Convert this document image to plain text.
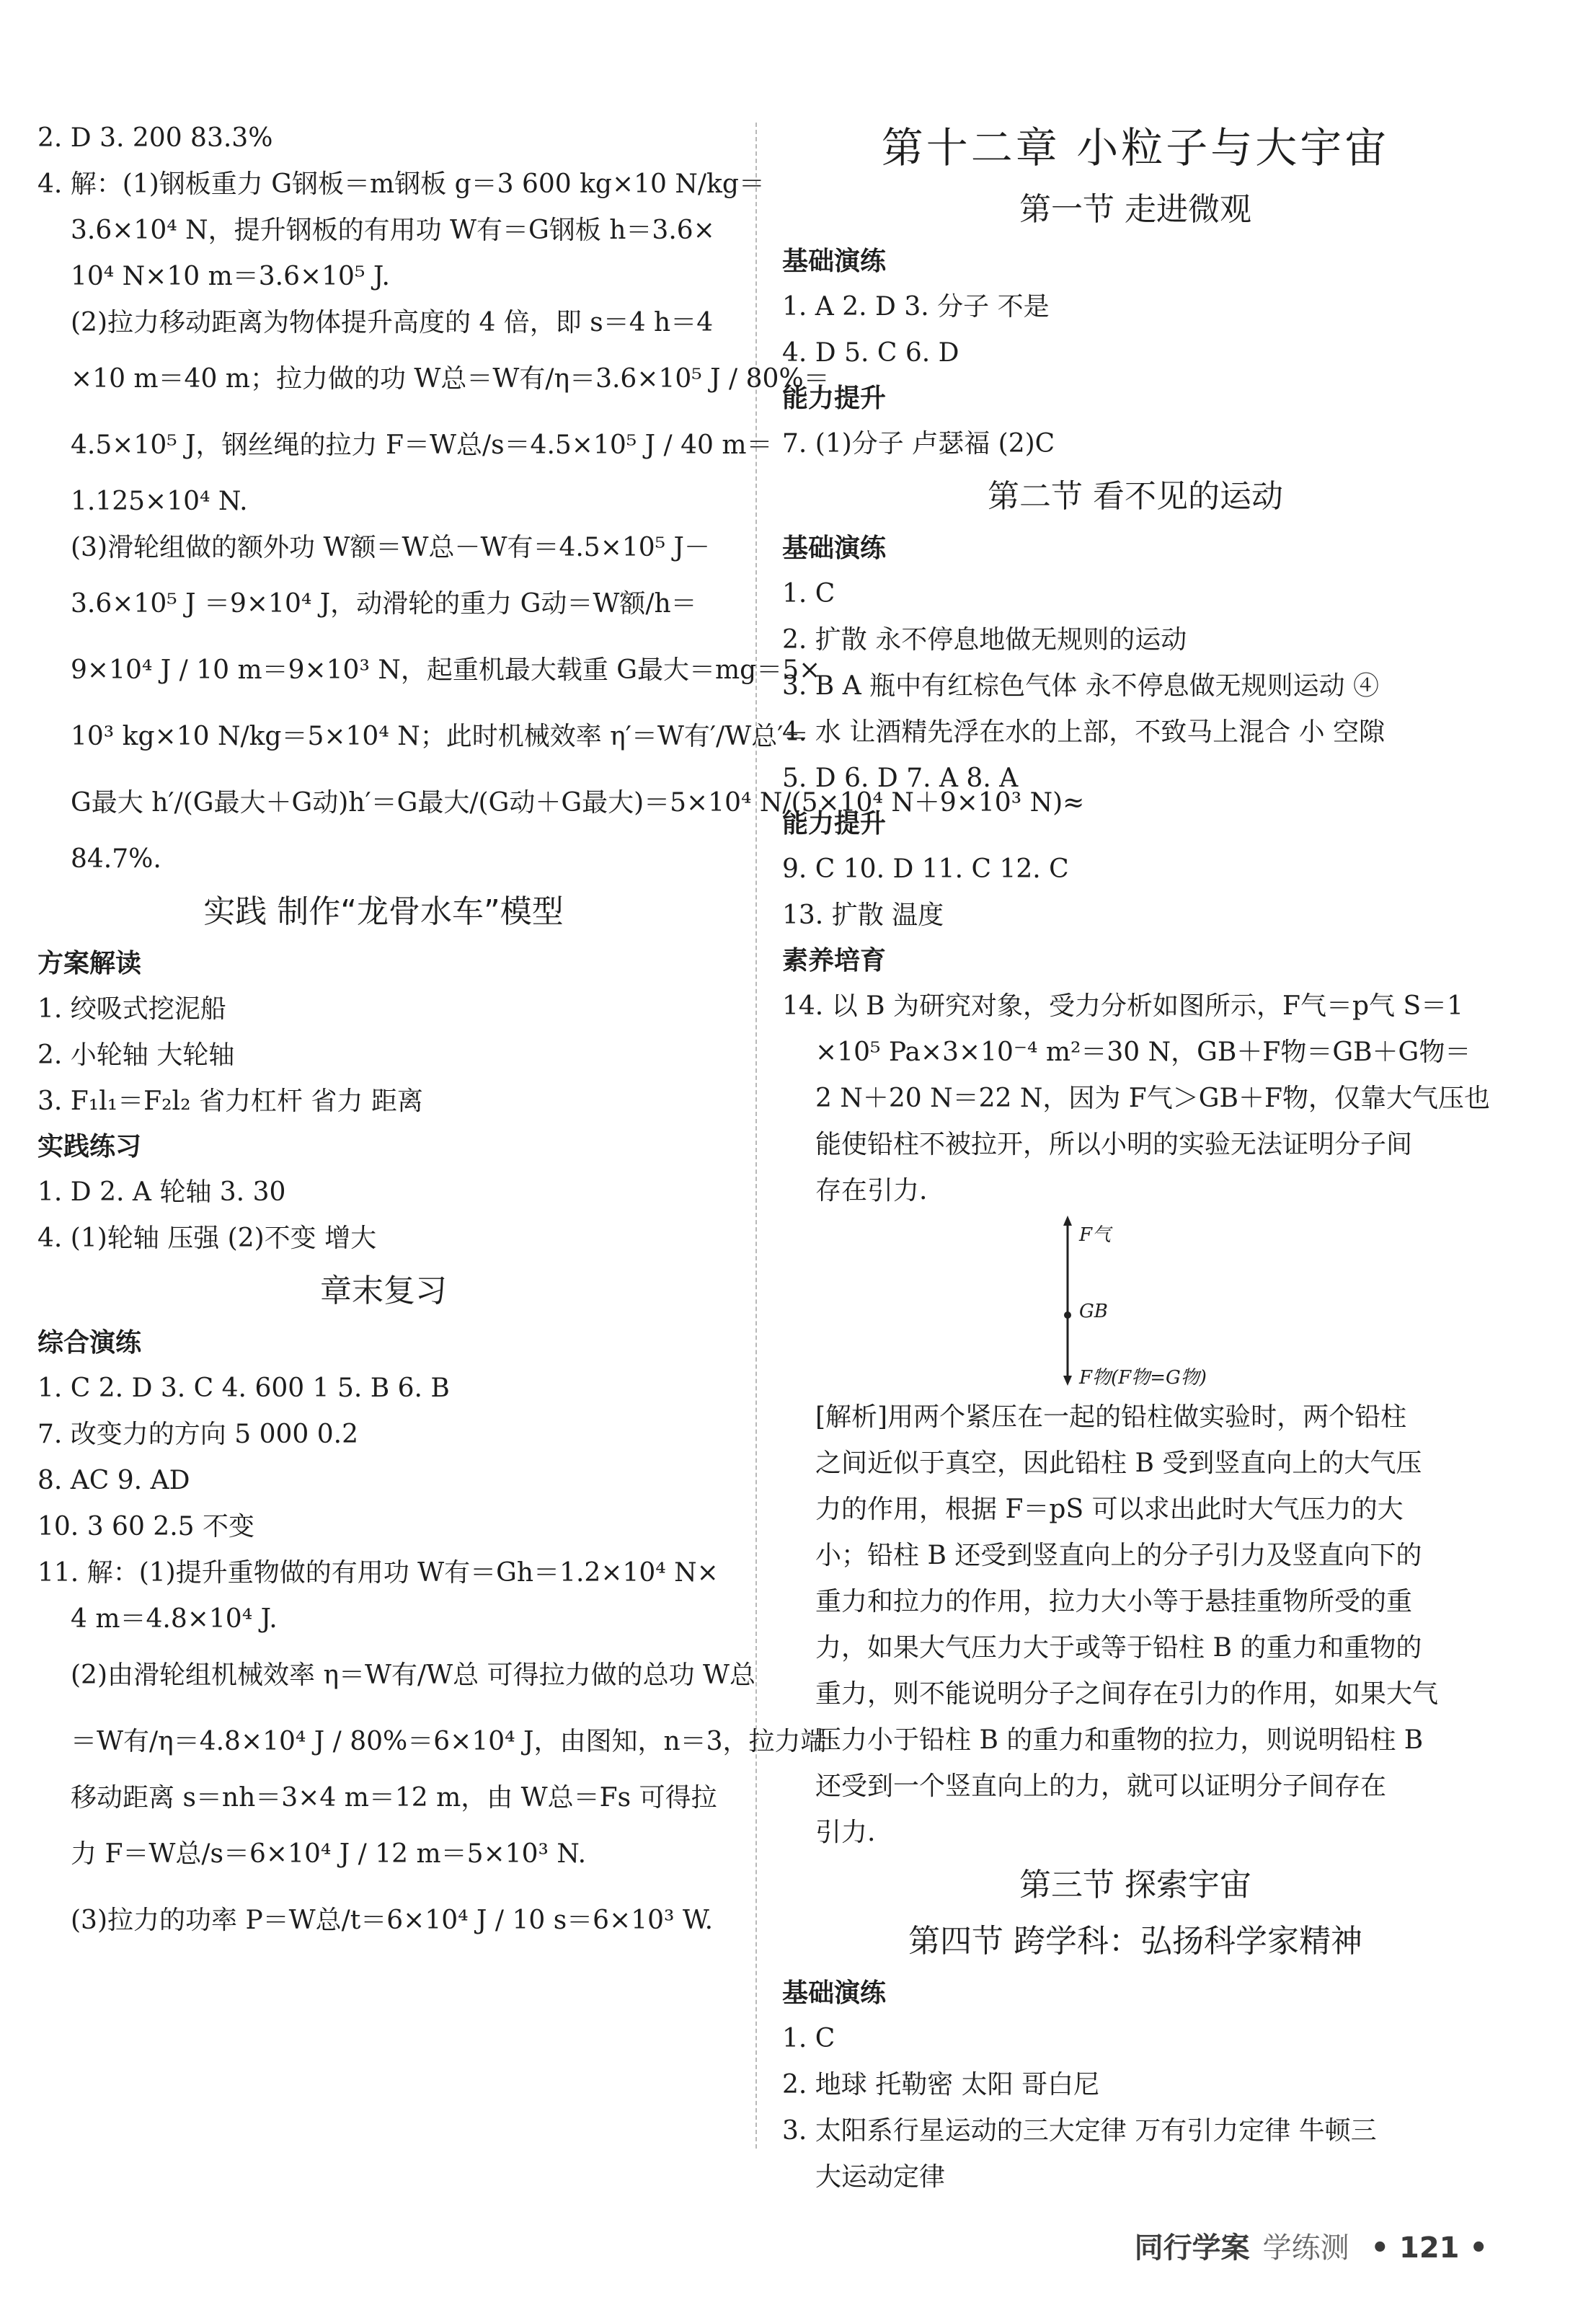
2. D 3. 200 83.3%
4. 解：(1)钢板重力 G钢板＝m钢板 g＝3 600 kg×10 N/kg＝
3.6×10⁴ N，提升钢板的有用功 W有＝G钢板 h＝3.6×
10⁴ N×10 m＝3.6×10⁵ J.
(2)拉力移动距离为物体提升高度的 4 倍，即 s＝4 h＝4
×10 m＝40 m；拉力做的功 W总＝W有/η＝3.6×10⁵ J / 80%＝
4.5×10⁵ J，钢丝绳的拉力 F＝W总/s＝4.5×10⁵ J / 40 m＝
1.125×10⁴ N.
(3)滑轮组做的额外功 W额＝W总－W有＝4.5×10⁵ J－
3.6×10⁵ J ＝9×10⁴ J，动滑轮的重力 G动＝W额/h＝
9×10⁴ J / 10 m＝9×10³ N，起重机最大载重 G最大＝mg＝5×
10³ kg×10 N/kg＝5×10⁴ N；此时机械效率 η′＝W有′/W总′＝
G最大 h′/(G最大＋G动)h′＝G最大/(G动＋G最大)＝5×10⁴ N/(5×10⁴ N＋9×10³ N)≈
84.7%.
实践 制作“龙骨水车”模型
方案解读
1. 绞吸式挖泥船
2. 小轮轴 大轮轴
3. F₁l₁＝F₂l₂ 省力杠杆 省力 距离
实践练习
1. D 2. A 轮轴 3. 30
4. (1)轮轴 压强 (2)不变 增大
章末复习
综合演练
1. C 2. D 3. C 4. 600 1 5. B 6. B
7. 改变力的方向 5 000 0.2
8. AC 9. AD
10. 3 60 2.5 不变
11. 解：(1)提升重物做的有用功 W有＝Gh＝1.2×10⁴ N×
4 m＝4.8×10⁴ J.
(2)由滑轮组机械效率 η＝W有/W总 可得拉力做的总功 W总
＝W有/η＝4.8×10⁴ J / 80%＝6×10⁴ J，由图知，n＝3，拉力端
移动距离 s＝nh＝3×4 m＝12 m，由 W总＝Fs 可得拉
力 F＝W总/s＝6×10⁴ J / 12 m＝5×10³ N.
(3)拉力的功率 P＝W总/t＝6×10⁴ J / 10 s＝6×10³ W.
第十二章 小粒子与大宇宙
第一节 走进微观
基础演练
1. A 2. D 3. 分子 不是
4. D 5. C 6. D
能力提升
7. (1)分子 卢瑟福 (2)C
第二节 看不见的运动
基础演练
1. C
2. 扩散 永不停息地做无规则的运动
3. B A 瓶中有红棕色气体 永不停息做无规则运动 ④
4. 水 让酒精先浮在水的上部，不致马上混合 小 空隙
5. D 6. D 7. A 8. A
能力提升
9. C 10. D 11. C 12. C
13. 扩散 温度
素养培育
14. 以 B 为研究对象，受力分析如图所示，F气＝p气 S＝1
×10⁵ Pa×3×10⁻⁴ m²＝30 N，GB＋F物＝GB＋G物＝
2 N＋20 N＝22 N，因为 F气＞GB＋F物，仅靠大气压也
能使铅柱不被拉开，所以小明的实验无法证明分子间
存在引力.
F气
GB
F物(F物=G物)
[解析]用两个紧压在一起的铅柱做实验时，两个铅柱
之间近似于真空，因此铅柱 B 受到竖直向上的大气压
力的作用，根据 F＝pS 可以求出此时大气压力的大
小；铅柱 B 还受到竖直向上的分子引力及竖直向下的
重力和拉力的作用，拉力大小等于悬挂重物所受的重
力，如果大气压力大于或等于铅柱 B 的重力和重物的
重力，则不能说明分子之间存在引力的作用，如果大气
压力小于铅柱 B 的重力和重物的拉力，则说明铅柱 B
还受到一个竖直向上的力，就可以证明分子间存在
引力.
第三节 探索宇宙
第四节 跨学科：弘扬科学家精神
基础演练
1. C
2. 地球 托勒密 太阳 哥白尼
3. 太阳系行星运动的三大定律 万有引力定律 牛顿三
大运动定律
同行学案 学练测 • 121 •
